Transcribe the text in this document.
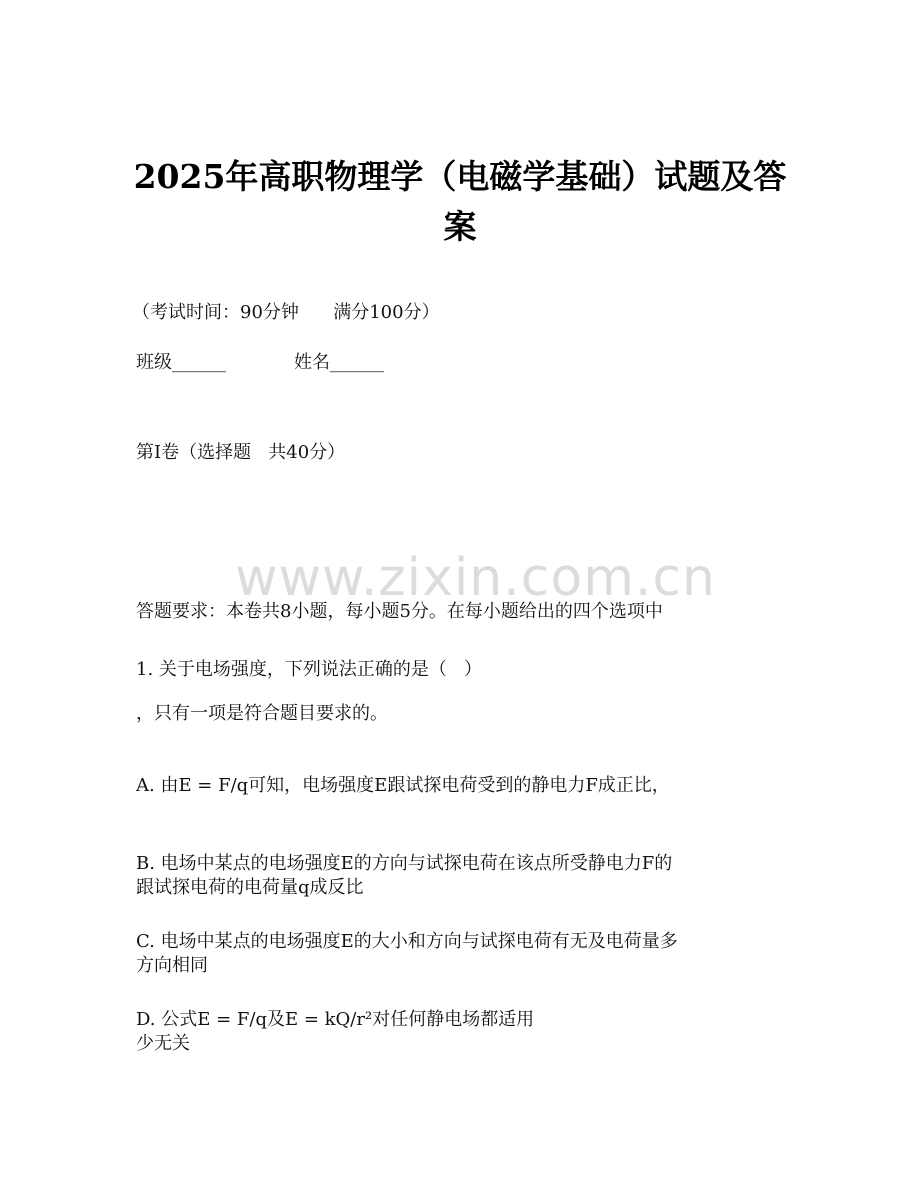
2025年高职物理学（电磁学基础）试题及答
案
（考试时间：90分钟      满分100分）
班级______	姓名______
第I卷（选择题   共40分）

答题要求：本卷共8小题，每小题5分。在每小题给出的四个选项中

，只有一项是符合题目要求的。

www.zixin.com.cn
1. 关于电场强度，下列说法正确的是（   ）

A. 由E = F/q可知，电场强度E跟试探电荷受到的静电力F成正比，

跟试探电荷的电荷量q成反比

B. 电场中某点的电场强度E的方向与试探电荷在该点所受静电力F的

方向相同

C. 电场中某点的电场强度E的大小和方向与试探电荷有无及电荷量多

少无关

D. 公式E = F/q及E = kQ/r²对任何静电场都适用
